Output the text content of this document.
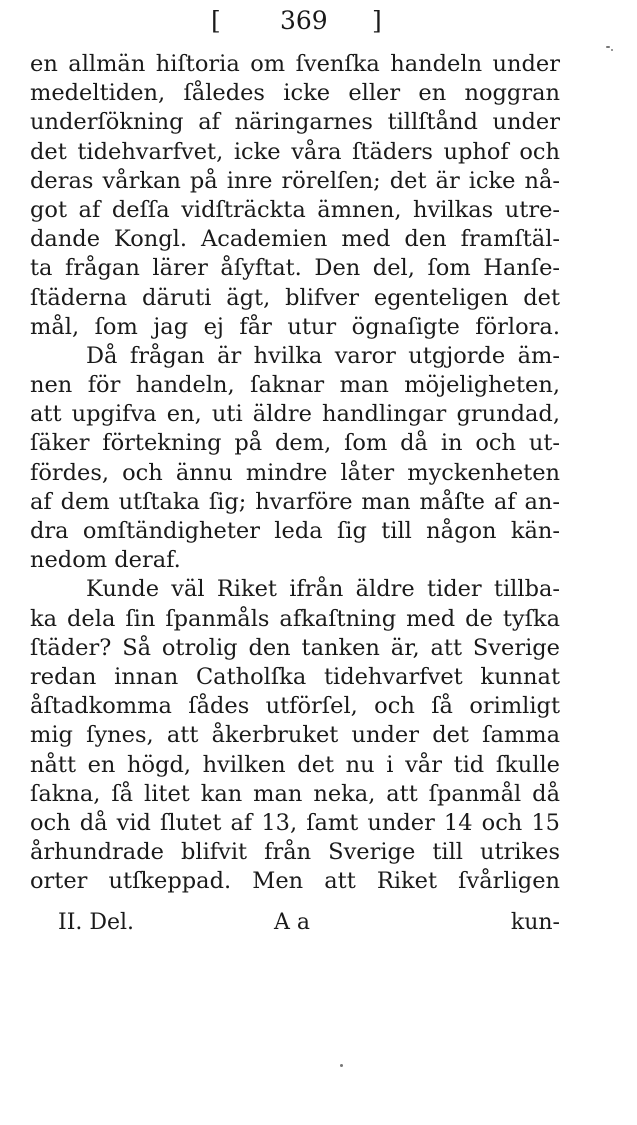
[ 369 ]
en allmän hiſtoria om ſvenſka handeln under
medeltiden, ſåledes icke eller en noggran
underſökning af näringarnes tillſtånd under
det tidehvarfvet, icke våra ſtäders uphof och
deras vårkan på inre rörelſen; det är icke nå-
got af deſſa vidſträckta ämnen, hvilkas utre-
dande Kongl. Academien med den framſtäl-
ta frågan lärer åſyftat. Den del, ſom Hanſe-
ſtäderna däruti ägt, blifver egenteligen det
mål, ſom jag ej får utur ögnaſigte förlora.
Då frågan är hvilka varor utgjorde äm-
nen för handeln, ſaknar man möjeligheten,
att upgifva en, uti äldre handlingar grundad,
ſäker förtekning på dem, ſom då in och ut-
fördes, och ännu mindre låter myckenheten
af dem utſtaka ſig; hvarföre man måſte af an-
dra omſtändigheter leda ſig till någon kän-
nedom deraf.
Kunde väl Riket ifrån äldre tider tillba-
ka dela ſin ſpanmåls afkaſtning med de tyſka
ſtäder? Så otrolig den tanken är, att Sverige
redan innan Catholſka tidehvarfvet kunnat
åſtadkomma ſådes utförſel, och ſå orimligt
mig ſynes, att åkerbruket under det ſamma
nått en högd, hvilken det nu i vår tid ſkulle
ſakna, ſå litet kan man neka, att ſpanmål då
och då vid ſlutet af 13, ſamt under 14 och 15
århundrade blifvit från Sverige till utrikes
orter utſkeppad. Men att Riket ſvårligen
II. Del.	A a	kun-
